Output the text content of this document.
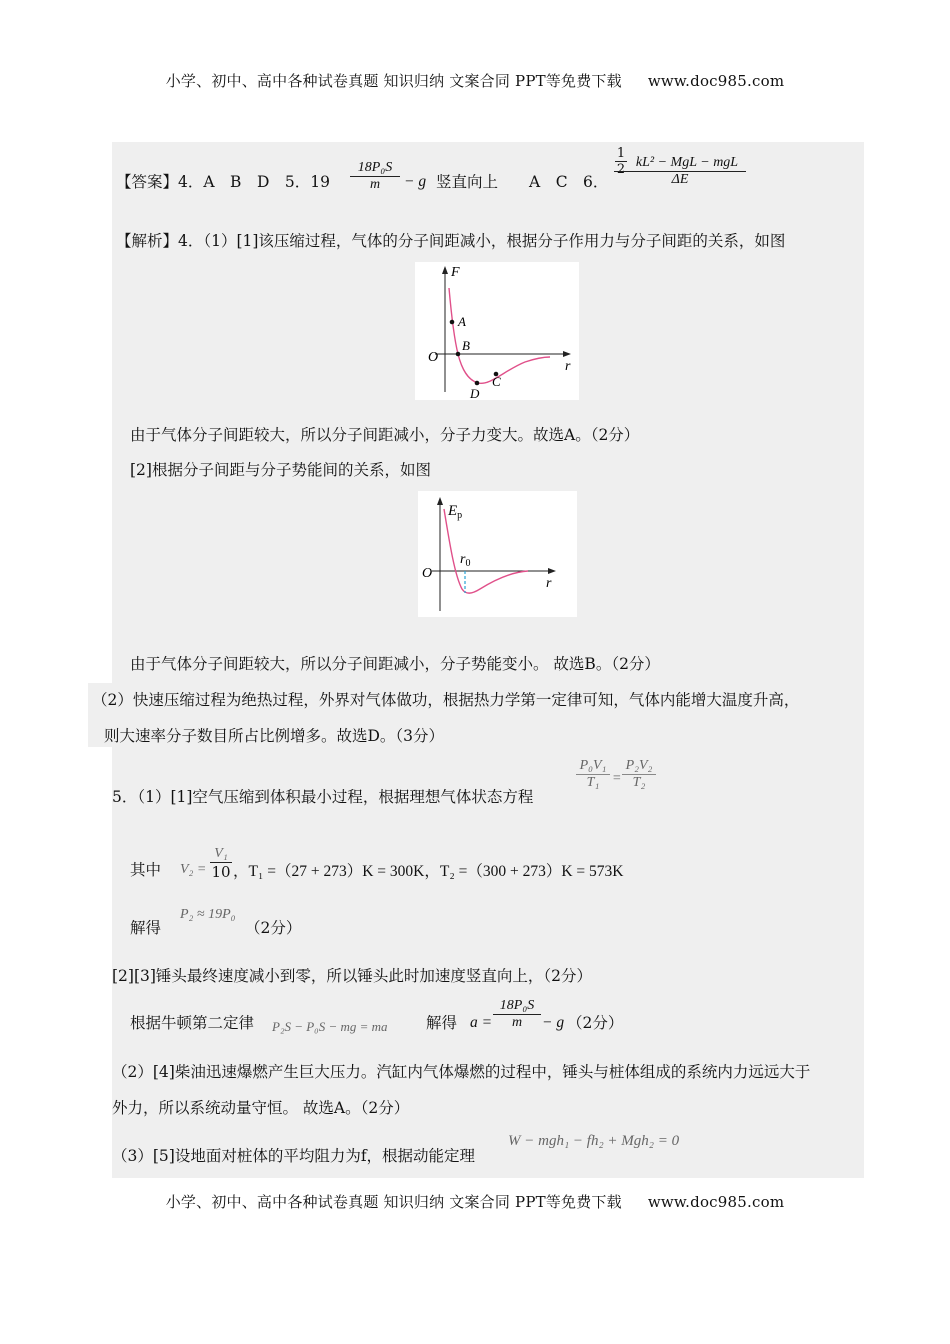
小学、初中、高中各种试卷真题 知识归纳 文案合同 PPT等免费下载 www.doc985.com
【答案】4．A　B　D　5．19
18P₀S
m	− g 竖直向上　　A　C　6．
1
2 kL² − MgL − mgL
ΔE
【解析】4．（1）[1]该压缩过程，气体的分子间距减小，根据分子作用力与分子间距的关系，如图
F
r
O
A
B
C
D
由于气体分子间距较大，所以分子间距减小，分子力变大。故选A。（2分）
[2]根据分子间距与分子势能间的关系，如图
$E_p$
r
O
$r_0$
由于气体分子间距较大，所以分子间距减小，分子势能变小。 故选B。（2分）
（2）快速压缩过程为绝热过程，外界对气体做功，根据热力学第一定律可知，气体内能增大温度升高，
则大速率分子数目所占比例增多。故选D。（3分）
5．（1）[1]空气压缩到体积最小过程，根据理想气体状态方程
P₀V₁
T₁ =
P₂V₂
T₂
其中 V₂ =
V₁
10 ，T₁ =（27 + 273）K = 300K，T₂ =（300 + 273）K = 573K
解得
P₂ ≈ 19P₀
（2分）
[2][3]锤头最终速度减小到零，所以锤头此时加速度竖直向上，（2分）
根据牛顿第二定律 P₂S − P₀S − mg = ma 解得 a =
18P₀S
m	− g （2分）
（2）[4]柴油迅速爆燃产生巨大压力。汽缸内气体爆燃的过程中，锤头与桩体组成的系统内力远远大于
外力，所以系统动量守恒。 故选A。（2分）
（3）[5]设地面对桩体的平均阻力为f，根据动能定理
W − mgh₁ − fh₂ + Mgh₂ = 0
小学、初中、高中各种试卷真题 知识归纳 文案合同 PPT等免费下载 www.doc985.com
